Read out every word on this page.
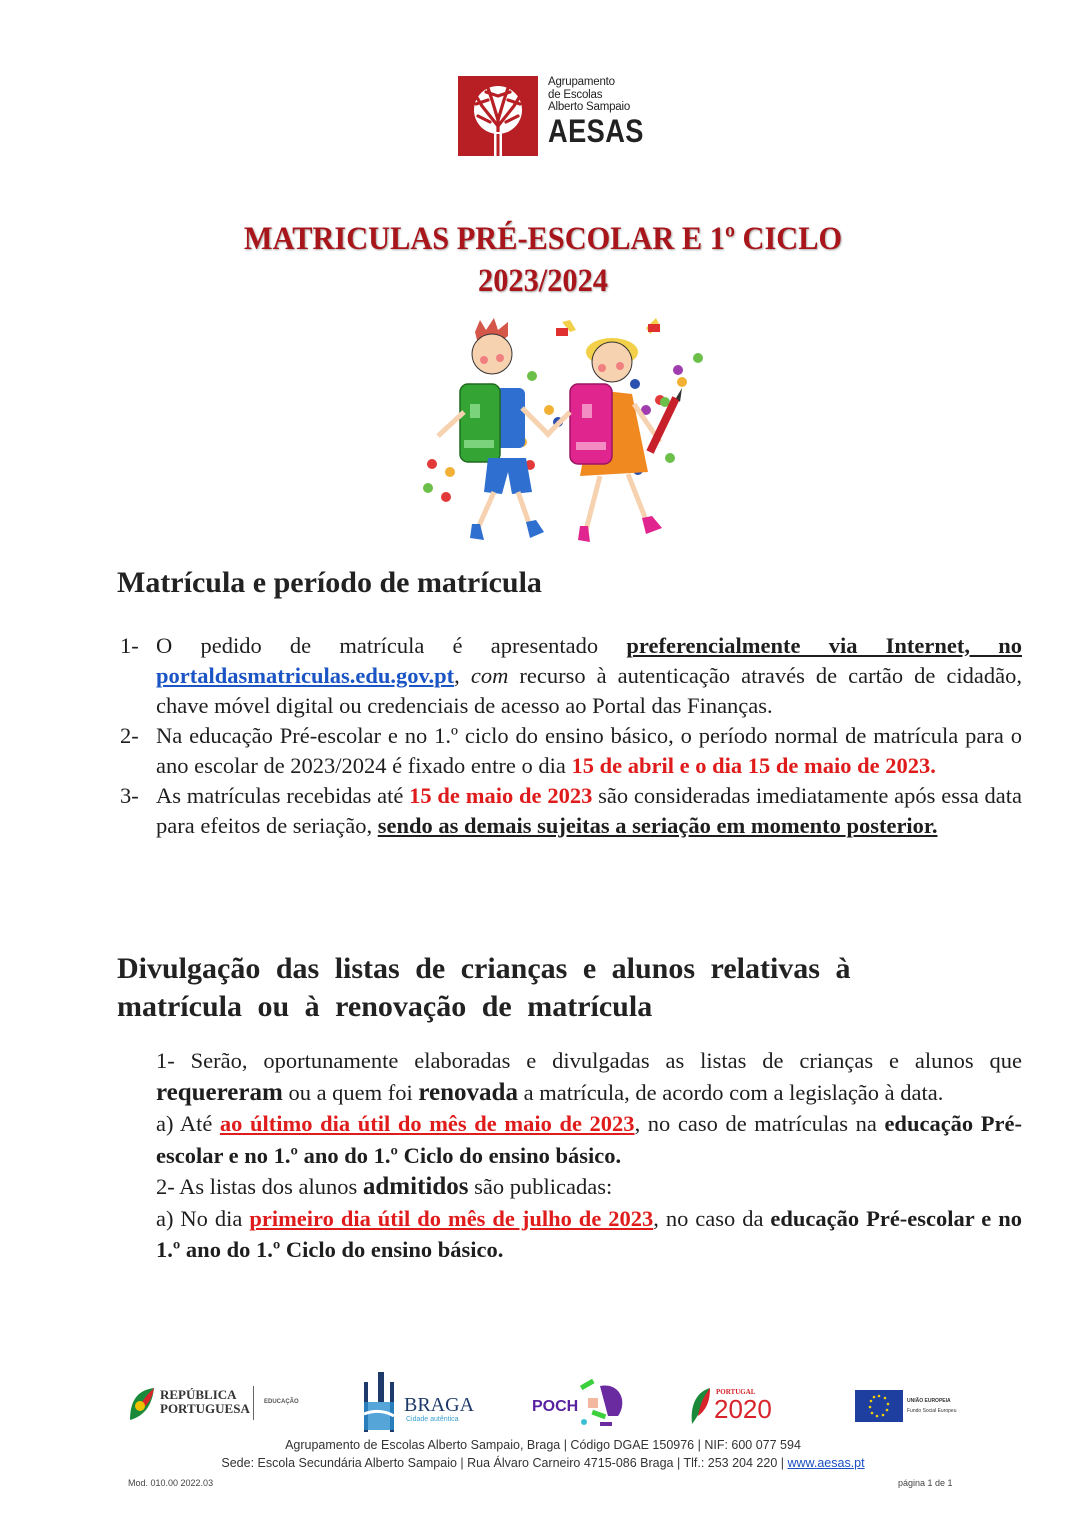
Agrupamento
de Escolas
Alberto Sampaio
AESAS
MATRICULAS PRÉ-ESCOLAR E 1º CICLO
2023/2024
Matrícula e período de matrícula
1- O pedido de matrícula é apresentado preferencialmente via Internet, no portaldasmatriculas.edu.gov.pt, com recurso à autenticação através de cartão de cidadão, chave móvel digital ou credenciais de acesso ao Portal das Finanças.
2- Na educação Pré-escolar e no 1.º ciclo do ensino básico, o período normal de matrícula para o ano escolar de 2023/2024 é fixado entre o dia 15 de abril e o dia 15 de maio de 2023.
3- As matrículas recebidas até 15 de maio de 2023 são consideradas imediatamente após essa data para efeitos de seriação, sendo as demais sujeitas a seriação em momento posterior.
Divulgação das listas de crianças e alunos relativas à matrícula ou à renovação de matrícula

1- Serão, oportunamente elaboradas e divulgadas as listas de crianças e alunos que requereram ou a quem foi renovada a matrícula, de acordo com a legislação à data.

a) Até ao último dia útil do mês de maio de 2023, no caso de matrículas na educação Pré-escolar e no 1.º ano do 1.º Ciclo do ensino básico.

2- As listas dos alunos admitidos são publicadas:

a) No dia primeiro dia útil do mês de julho de 2023, no caso da educação Pré-escolar e no 1.º ano do 1.º Ciclo do ensino básico.

REPÚBLICA
PORTUGUESA EDUCAÇÃO	BRAGA
Cidade autêntica
POCH
PORTUGAL
2020	UNIÃO EUROPEIA
Fundo Social Europeu
Agrupamento de Escolas Alberto Sampaio, Braga | Código DGAE 150976 | NIF: 600 077 594
Sede: Escola Secundária Alberto Sampaio | Rua Álvaro Carneiro 4715-086 Braga | Tlf.: 253 204 220 | www.aesas.pt
Mod. 010.00 2022.03	página 1 de 1
